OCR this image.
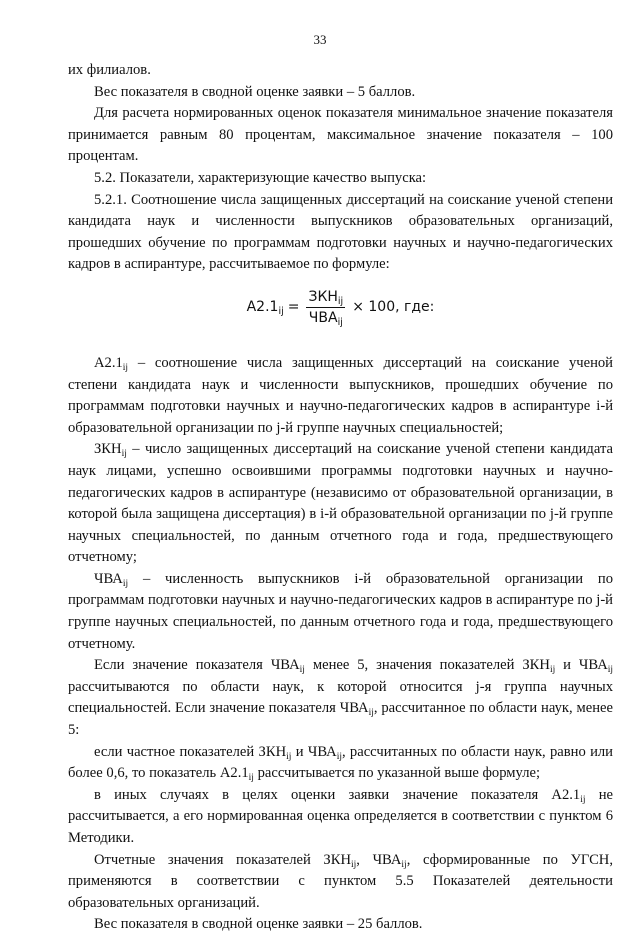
33

их филиалов.

Вес показателя в сводной оценке заявки – 5 баллов.

Для расчета нормированных оценок показателя минимальное значение показателя принимается равным 80 процентам, максимальное значение показателя – 100 процентам.

5.2. Показатели, характеризующие качество выпуска:

5.2.1. Соотношение числа защищенных диссертаций на соискание ученой степени кандидата наук и численности выпускников образовательных организаций, прошедших обучение по программам подготовки научных и научно-педагогических кадров в аспирантуре, рассчитываемое по формуле:

$А2.1_{ij} = \frac{ЗКН_{ij}}{ЧВА_{ij}} \times 100$, где:

$А2.1_{ij}$ – соотношение числа защищенных диссертаций на соискание ученой степени кандидата наук и численности выпускников, прошедших обучение по программам подготовки научных и научно-педагогических кадров в аспирантуре i-й образовательной организации по j-й группе научных специальностей;

$ЗКН_{ij}$ – число защищенных диссертаций на соискание ученой степени кандидата наук лицами, успешно освоившими программы подготовки научных и научно-педагогических кадров в аспирантуре (независимо от образовательной организации, в которой была защищена диссертация) в i-й образовательной организации по j-й группе научных специальностей, по данным отчетного года и года, предшествующего отчетному;

$ЧВА_{ij}$ – численность выпускников i-й образовательной организации по программам подготовки научных и научно-педагогических кадров в аспирантуре по j-й группе научных специальностей, по данным отчетного года и года, предшествующего отчетному.

Если значение показателя $ЧВА_{ij}$ менее 5, значения показателей $ЗКН_{ij}$ и $ЧВА_{ij}$ рассчитываются по области наук, к которой относится j-я группа научных специальностей. Если значение показателя $ЧВА_{ij}$, рассчитанное по области наук, менее 5:

если частное показателей $ЗКН_{ij}$ и $ЧВА_{ij}$, рассчитанных по области наук, равно или более 0,6, то показатель $А2.1_{ij}$ рассчитывается по указанной выше формуле;

в иных случаях в целях оценки заявки значение показателя $А2.1_{ij}$ не рассчитывается, а его нормированная оценка определяется в соответствии с пунктом 6 Методики.

Отчетные значения показателей $ЗКН_{ij}$, $ЧВА_{ij}$, сформированные по УГСН, применяются в соответствии с пунктом 5.5 Показателей деятельности образовательных организаций.

Вес показателя в сводной оценке заявки – 25 баллов.
